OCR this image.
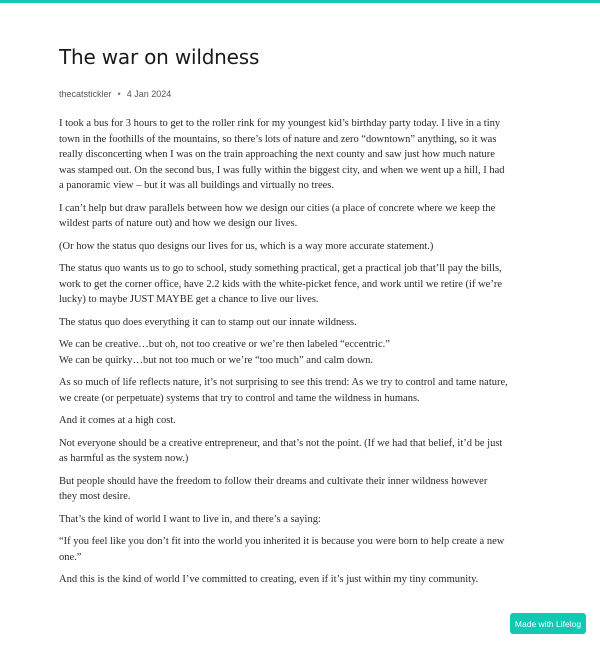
The war on wildness
thecatstickler • 4 Jan 2024

I took a bus for 3 hours to get to the roller rink for my youngest kid’s birthday party today. I live in a tiny
town in the foothills of the mountains, so there’s lots of nature and zero “downtown” anything, so it was
really disconcerting when I was on the train approaching the next county and saw just how much nature
was stamped out. On the second bus, I was fully within the biggest city, and when we went up a hill, I had
a panoramic view – but it was all buildings and virtually no trees.

I can’t help but draw parallels between how we design our cities (a place of concrete where we keep the
wildest parts of nature out) and how we design our lives.

(Or how the status quo designs our lives for us, which is a way more accurate statement.)

The status quo wants us to go to school, study something practical, get a practical job that’ll pay the bills,
work to get the corner office, have 2.2 kids with the white-picket fence, and work until we retire (if we’re
lucky) to maybe JUST MAYBE get a chance to live our lives.

The status quo does everything it can to stamp out our innate wildness.

We can be creative…but oh, not too creative or we’re then labeled “eccentric.”
We can be quirky…but not too much or we’re “too much” and calm down.

As so much of life reflects nature, it’s not surprising to see this trend: As we try to control and tame nature,
we create (or perpetuate) systems that try to control and tame the wildness in humans.

And it comes at a high cost.

Not everyone should be a creative entrepreneur, and that’s not the point. (If we had that belief, it’d be just
as harmful as the system now.)

But people should have the freedom to follow their dreams and cultivate their inner wildness however
they most desire.

That’s the kind of world I want to live in, and there’s a saying:

“If you feel like you don’t fit into the world you inherited it is because you were born to help create a new
one.”

And this is the kind of world I’ve committed to creating, even if it’s just within my tiny community.

Made with Lifelog
